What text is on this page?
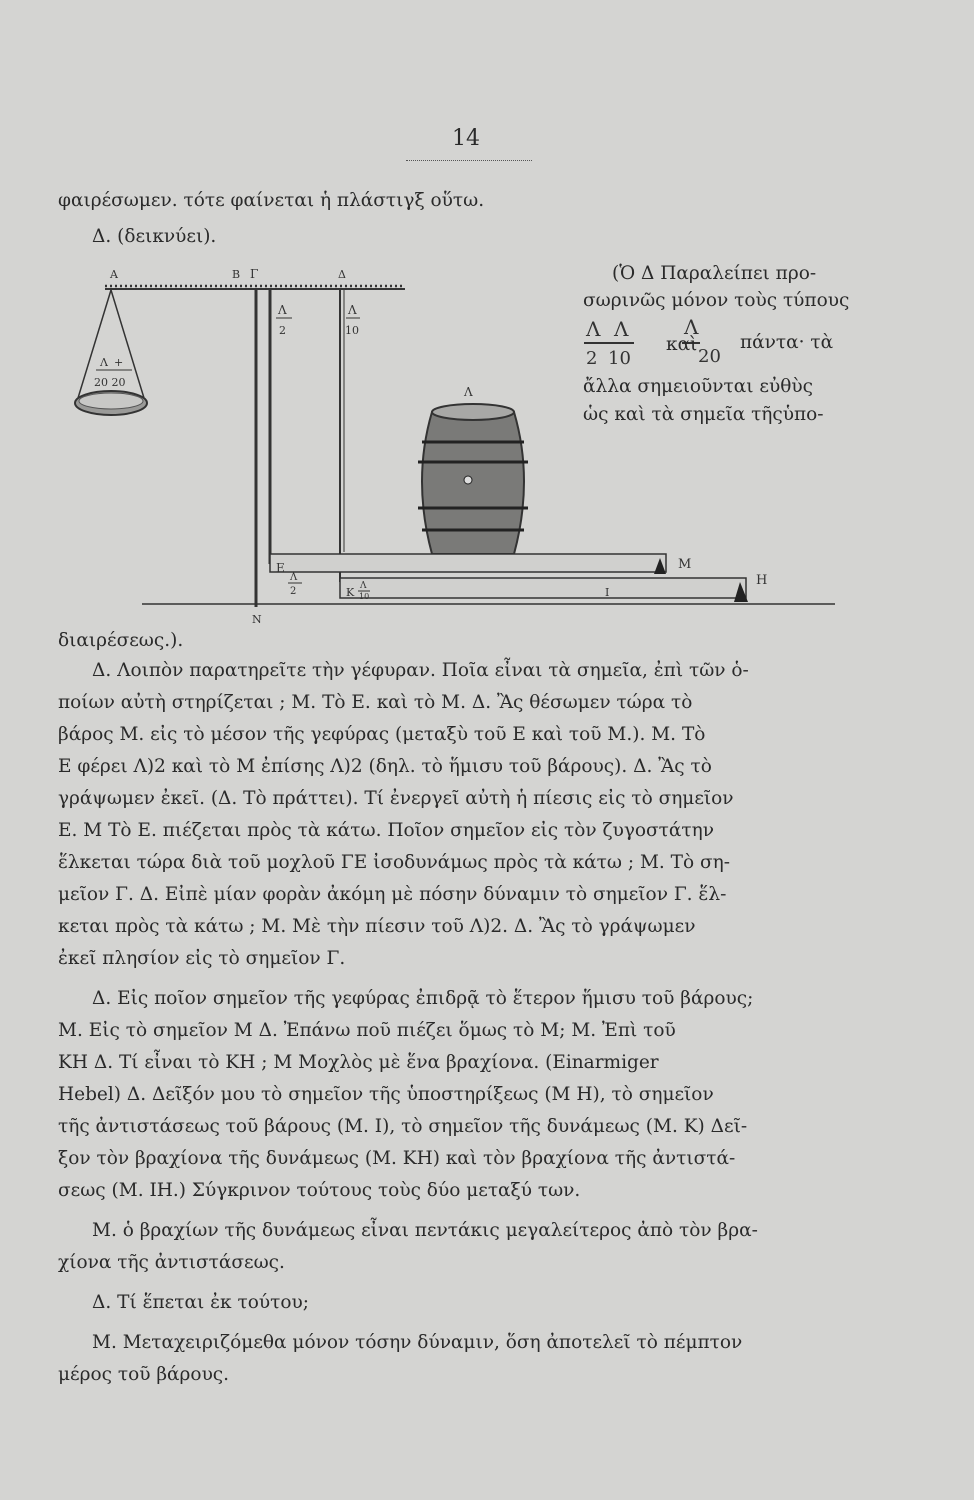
14
φαιρέσωμεν. τότε φαίνεται ἡ πλάστιγξ οὕτω.
Δ. (δεικνύει).
(Ὁ Δ Παραλείπει προ-
σωρινῶς μόνον τοὺς τύπους
Λ Λ
2 10
Λ
καὶ
20
πάντα· τὰ
ἄλλα σημειοῦνται εὐθὺς
ὡς καὶ τὰ σημεῖα τῆςὑπο-
A	B Γ	Δ
Λ +
20 20
Λ
2
Λ
10
Λ
M
H
I
E
Λ
2	K Λ
10
N
διαιρέσεως.).
Δ. Λοιπὸν παρατηρεῖτε τὴν γέφυραν. Ποῖα εἶναι τὰ σημεῖα, ἐπὶ τῶν ὁ-
ποίων αὐτὴ στηρίζεται ; Μ. Τὸ Ε. καὶ τὸ Μ. Δ. Ἂς θέσωμεν τώρα τὸ
βάρος Μ. εἰς τὸ μέσον τῆς γεφύρας (μεταξὺ τοῦ Ε καὶ τοῦ Μ.). Μ. Τὸ
Ε φέρει Λ)2 καὶ τὸ Μ ἐπίσης Λ)2 (δηλ. τὸ ἥμισυ τοῦ βάρους). Δ. Ἂς τὸ
γράψωμεν ἐκεῖ. (Δ. Τὸ πράττει). Τί ἐνεργεῖ αὐτὴ ἡ πίεσις εἰς τὸ σημεῖον
Ε. Μ Τὸ Ε. πιέζεται πρὸς τὰ κάτω. Ποῖον σημεῖον εἰς τὸν ζυγοστάτην
ἕλκεται τώρα διὰ τοῦ μοχλοῦ ΓΕ ἰσοδυνάμως πρὸς τὰ κάτω ; Μ. Τὸ ση-
μεῖον Γ. Δ. Εἰπὲ μίαν φορὰν ἀκόμη μὲ πόσην δύναμιν τὸ σημεῖον Γ. ἕλ-
κεται πρὸς τὰ κάτω ; Μ. Μὲ τὴν πίεσιν τοῦ Λ)2. Δ. Ἂς τὸ γράψωμεν
ἐκεῖ πλησίον εἰς τὸ σημεῖον Γ.
Δ. Εἰς ποῖον σημεῖον τῆς γεφύρας ἐπιδρᾷ τὸ ἕτερον ἥμισυ τοῦ βάρους;
Μ. Εἰς τὸ σημεῖον Μ Δ. Ἐπάνω ποῦ πιέζει ὅμως τὸ Μ; Μ. Ἐπὶ τοῦ
ΚΗ Δ. Τί εἶναι τὸ ΚΗ ; Μ Μοχλὸς μὲ ἕνα βραχίονα. (Einarmiger
Hebel) Δ. Δεῖξόν μου τὸ σημεῖον τῆς ὑποστηρίξεως (Μ Η), τὸ σημεῖον
τῆς ἀντιστάσεως τοῦ βάρους (Μ. Ι), τὸ σημεῖον τῆς δυνάμεως (Μ. Κ) Δεῖ-
ξον τὸν βραχίονα τῆς δυνάμεως (Μ. ΚΗ) καὶ τὸν βραχίονα τῆς ἀντιστά-
σεως (Μ. ΙΗ.) Σύγκρινον τούτους τοὺς δύο μεταξύ των.
Μ. ὁ βραχίων τῆς δυνάμεως εἶναι πεντάκις μεγαλείτερος ἀπὸ τὸν βρα-
χίονα τῆς ἀντιστάσεως.
Δ. Τί ἕπεται ἐκ τούτου;
Μ. Μεταχειριζόμεθα μόνον τόσην δύναμιν, ὅση ἀποτελεῖ τὸ πέμπτον
μέρος τοῦ βάρους.
